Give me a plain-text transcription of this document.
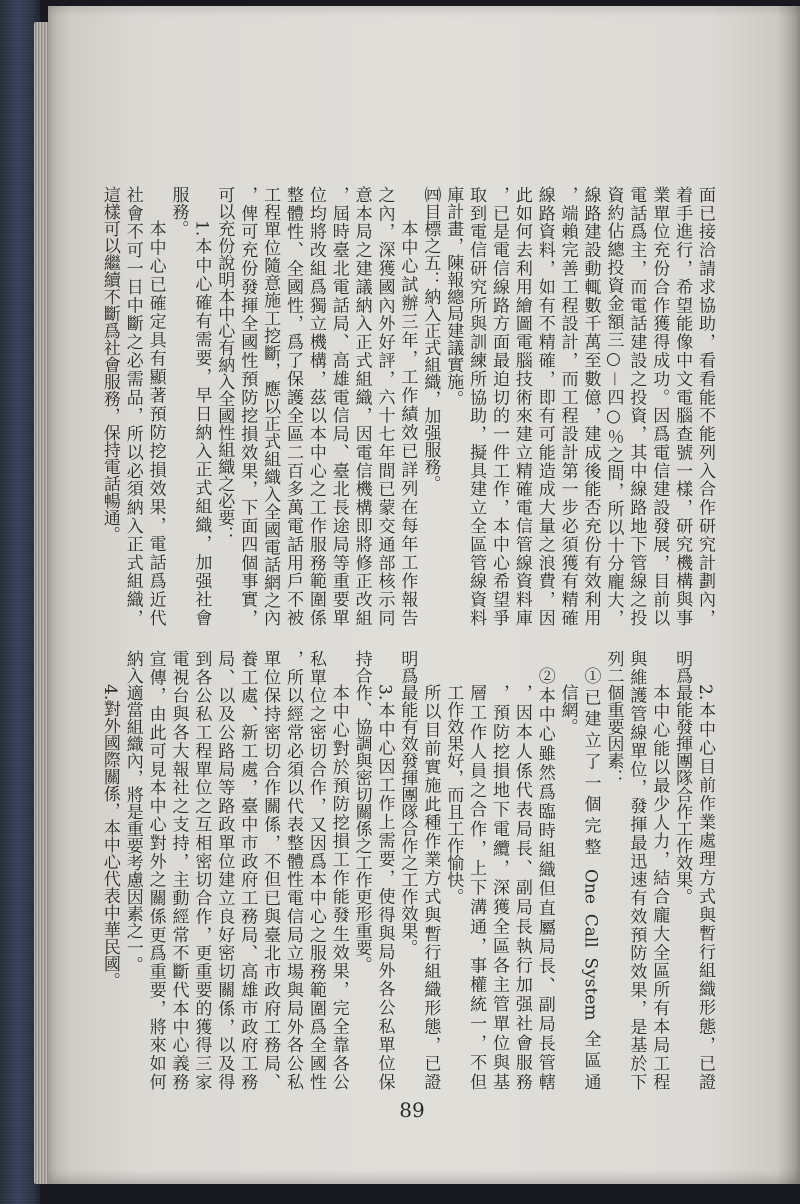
面已接洽請求協助，看看能不能列入合作研究計劃內，
着手進行，希望能像中文電腦查號一樣，研究機構與事
業單位充份合作獲得成功。因爲電信建設發展，目前以
電話爲主，而電話建設之投資，其中線路地下管線之投
資約佔總投資金額三○－四○％之間，所以十分龐大，
線路建設動輒數千萬至數億，建成後能否充份有效利用
，端賴完善工程設計，而工程設計第一步必須獲有精確
線路資料，如有不精確，即有可能造成大量之浪費，因
此如何去利用繪圖電腦技術來建立精確電信管線資料庫
，已是電信線路方面最迫切的一件工作，本中心希望爭
取到電信研究所與訓練所協助，擬具建立全區管線資料
庫計畫，陳報總局建議實施。
㈣目標之五：納入正式組織，加强服務。
本中心試辦三年，工作績效已詳列在每年工作報告
之內，深獲國內外好評，六十七年間已蒙交通部核示同
意本局之建議納入正式組織，因電信機構即將修正改組
，屆時臺北電話局、高雄電信局、臺北長途局等重要單
位均將改組爲獨立機構，茲以本中心之工作服務範圍係
整體性、全國性，爲了保護全區二百多萬電話用戶不被
工程單位隨意施工挖斷，應以正式組織入全國電話網之內
，俾可充份發揮全國性預防挖損效果，下面四個事實，
可以充份說明本中心有納入全國性組織之必要：
1.本中心確有需要，早日納入正式組織，加强社會
服務。
本中心已確定具有顯著預防挖損效果，電話爲近代
社會不可一日中斷之必需品，所以必須納入正式組織，
這樣可以繼續不斷爲社會服務，保持電話暢通。
2.本中心目前作業處理方式與暫行組織形態，已證
明爲最能發揮團隊合作工作效果。
本中心能以最少人力，結合龐大全區所有本局工程
與維護管線單位，發揮最迅速有效預防效果，是基於下
列二個重要因素：
①已建立了一個完整 One Call System 全區通
信網。
②本中心雖然爲臨時組織但直屬局長、副局長管轄
，因本人係代表局長、副局長執行加强社會服務
，預防挖損地下電纜，深獲全區各主管單位與基
層工作人員之合作，上下溝通，事權統一，不但
工作效果好，而且工作愉快。
所以目前實施此種作業方式與暫行組織形態，已證
明爲最能有效發揮團隊合作之工作效果。
3.本中心因工作上需要，使得與局外各公私單位保
持合作、協調與密切關係之工作更形重要。
本中心對於預防挖損工作能發生效果，完全靠各公
私單位之密切合作，又因爲本中心之服務範圍爲全國性
，所以經常必須以代表整體性電信局立場與局外各公私
單位保持密切合作關係，不但已與臺北市政府工務局、
養工處、新工處，臺中市政府工務局、高雄市政府工務
局、以及公路局等路政單位建立良好密切關係，以及得
到各公私工程單位之互相密切合作，更重要的獲得三家
電視台與各大報社之支持，主動經常不斷代本中心義務
宣傳，由此可見本中心對外之關係更爲重要，將來如何
納入適當組織內，將是重要考慮因素之一。
4.對外國際關係，本中心代表中華民國。
89
